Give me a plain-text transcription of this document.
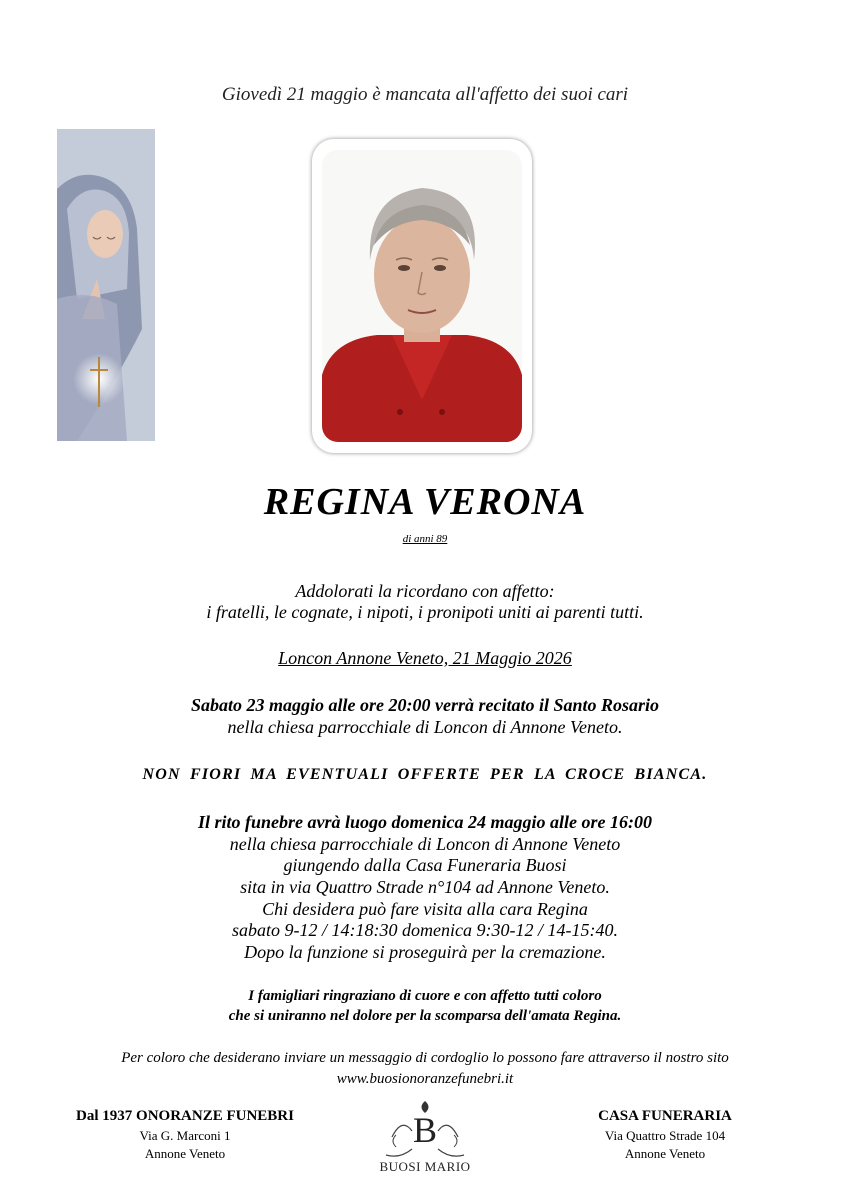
Giovedì 21 maggio è mancata all'affetto dei suoi cari
REGINA VERONA
di anni 89
Addolorati la ricordano con affetto:
i fratelli, le cognate, i nipoti, i pronipoti uniti ai parenti tutti.
Loncon Annone Veneto, 21 Maggio 2026
Sabato 23 maggio alle ore 20:00 verrà recitato il Santo Rosario
nella chiesa parrocchiale di Loncon di Annone Veneto.
NON FIORI MA EVENTUALI OFFERTE PER LA CROCE BIANCA.
Il rito funebre avrà luogo domenica 24 maggio alle ore 16:00
nella chiesa parrocchiale di Loncon di Annone Veneto
giungendo dalla Casa Funeraria Buosi
sita in via Quattro Strade n°104 ad Annone Veneto.
Chi desidera può fare visita alla cara Regina
sabato 9-12 / 14:18:30 domenica 9:30-12 / 14-15:40.
Dopo la funzione si proseguirà per la cremazione.
I famigliari ringraziano di cuore e con affetto tutti coloro
che si uniranno nel dolore per la scomparsa dell'amata Regina.
Per coloro che desiderano inviare un messaggio di cordoglio lo possono fare attraverso il nostro sito
www.buosionoranzefunebri.it
Dal 1937 ONORANZE FUNEBRI
Via G. Marconi 1
Annone Veneto
B
BUOSI MARIO
CASA FUNERARIA
Via Quattro Strade 104
Annone Veneto
